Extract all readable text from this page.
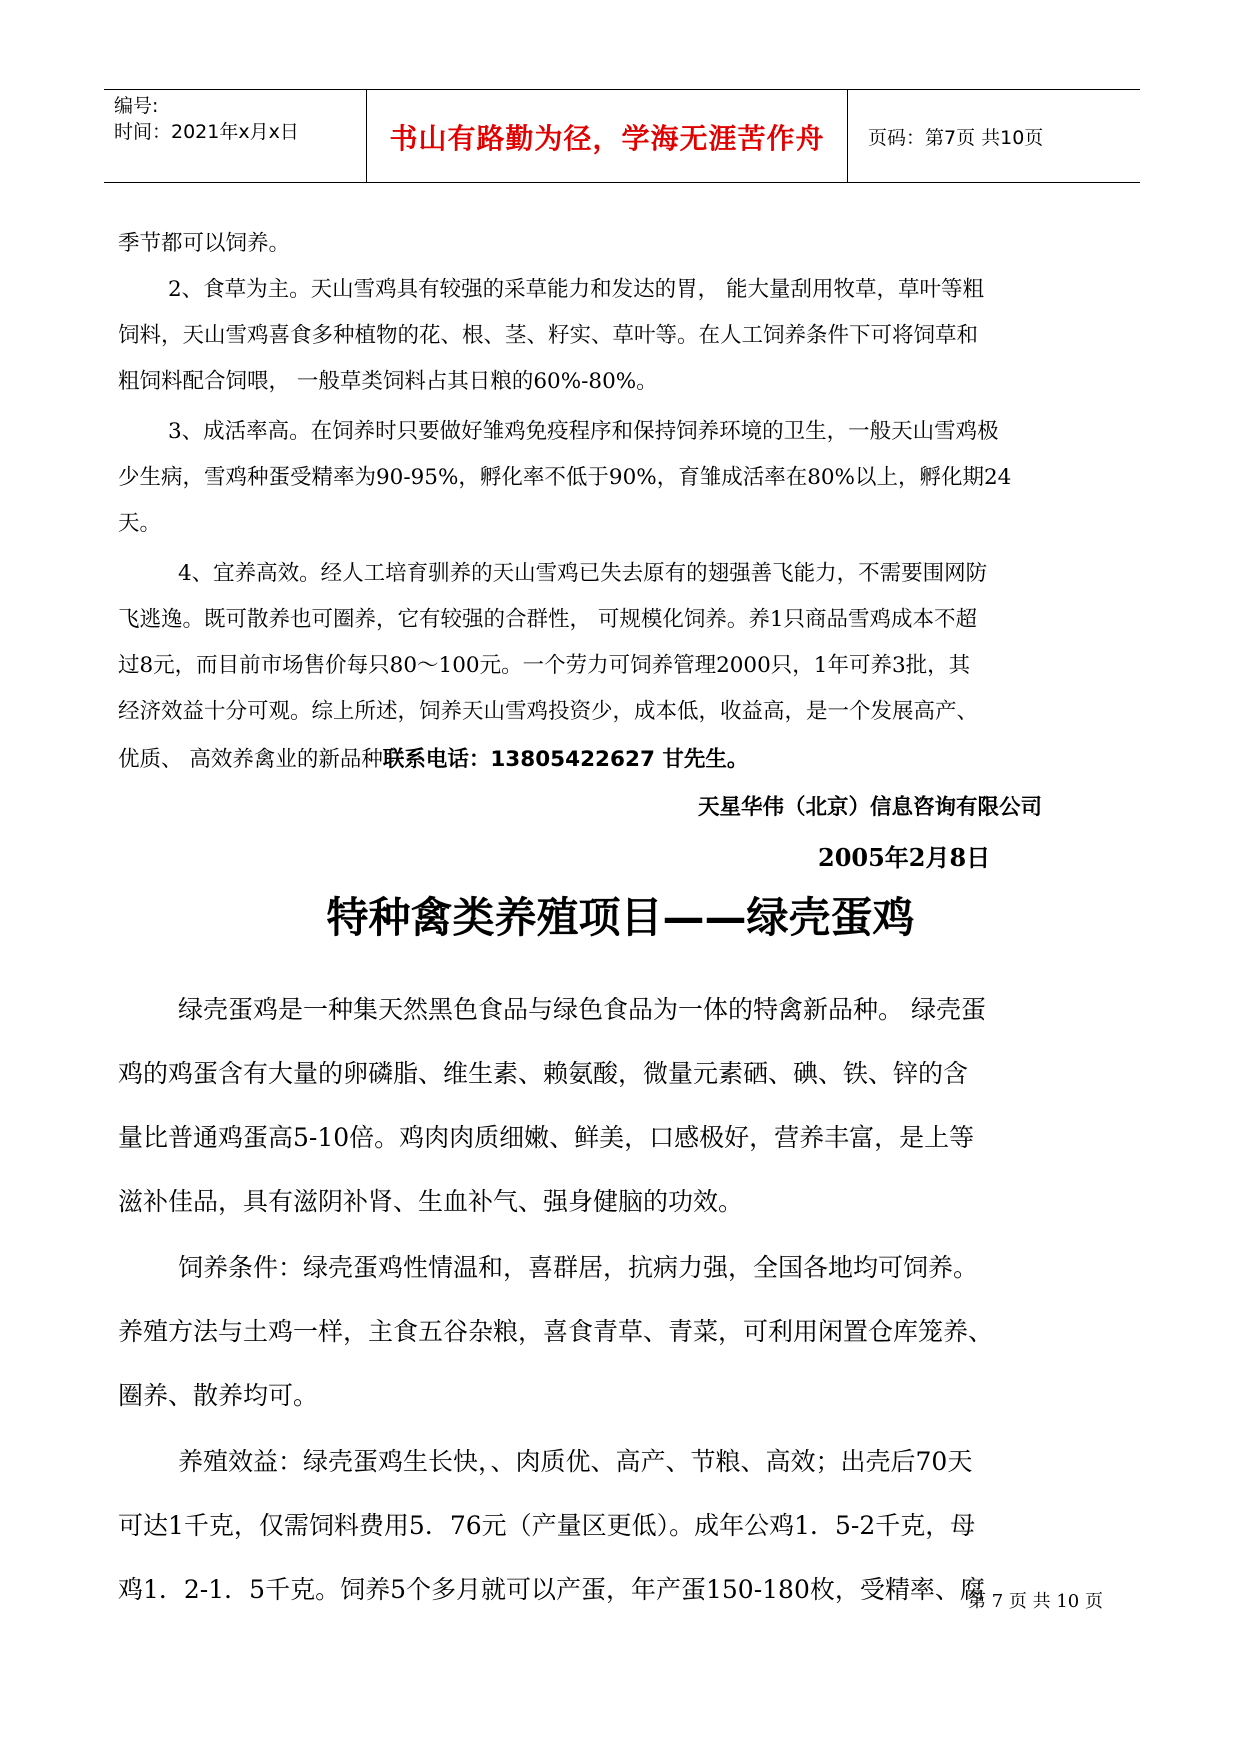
编号:
时间：2021年x月x日	书山有路勤为径，学海无涯苦作舟	页码：第7页 共10页
季节都可以饲养。
2、食草为主。天山雪鸡具有较强的采草能力和发达的胃， 能大量刮用牧草，草叶等粗
饲料，天山雪鸡喜食多种植物的花、根、茎、籽实、草叶等。在人工饲养条件下可将饲草和
粗饲料配合饲喂， 一般草类饲料占其日粮的60%-80%。
3、成活率高。在饲养时只要做好雏鸡免疫程序和保持饲养环境的卫生，一般天山雪鸡极
少生病，雪鸡种蛋受精率为90-95%，孵化率不低于90%，育雏成活率在80%以上，孵化期24
天。
4、宜养高效。经人工培育驯养的天山雪鸡已失去原有的翅强善飞能力，不需要围网防
飞逃逸。既可散养也可圈养，它有较强的合群性， 可规模化饲养。养1只商品雪鸡成本不超
过8元，而目前市场售价每只80～100元。一个劳力可饲养管理2000只，1年可养3批，其
经济效益十分可观。综上所述，饲养天山雪鸡投资少，成本低，收益高，是一个发展高产、
优质、 高效养禽业的新品种联系电话：13805422627 甘先生。
天星华伟（北京）信息咨询有限公司
2005年2月8日
特种禽类养殖项目——绿壳蛋鸡
绿壳蛋鸡是一种集天然黑色食品与绿色食品为一体的特禽新品种。 绿壳蛋
鸡的鸡蛋含有大量的卵磷脂、维生素、赖氨酸，微量元素硒、碘、铁、锌的含
量比普通鸡蛋高5-10倍。鸡肉肉质细嫩、鲜美，口感极好，营养丰富，是上等
滋补佳品，具有滋阴补肾、生血补气、强身健脑的功效。
饲养条件：绿壳蛋鸡性情温和，喜群居，抗病力强，全国各地均可饲养。
养殖方法与土鸡一样，主食五谷杂粮，喜食青草、青菜，可利用闲置仓库笼养、
圈养、散养均可。
养殖效益：绿壳蛋鸡生长快，、肉质优、高产、节粮、高效；出壳后70天
可达1千克，仅需饲料费用5．76元（产量区更低）。成年公鸡1．5-2千克，母
鸡1．2-1．5千克。饲养5个多月就可以产蛋，年产蛋150-180枚，受精率、腐
第 7 页 共 10 页
